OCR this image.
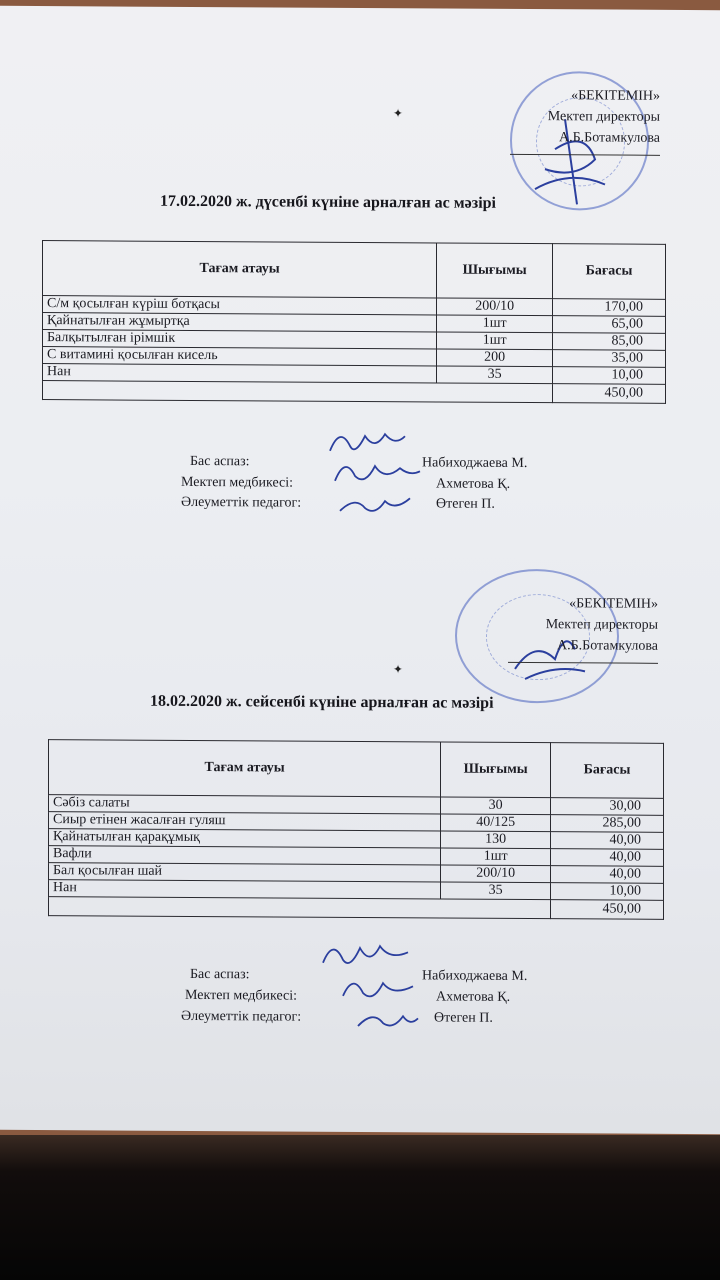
«БЕКІТЕМІН»
Мектеп директоры
А.Б.Ботамкулова
✦
17.02.2020 ж. дүсенбі күніне арналған ас мәзірі
Тағам атауы	Шығымы	Бағасы
С/м қосылған күріш ботқасы	200/10	170,00
Қайнатылған жұмыртқа	1шт	65,00
Балқытылған ірімшік	1шт	85,00
С витамині қосылған кисель	200	35,00
Нан	35	10,00
		450,00
Бас аспаз:	Набиходжаева М.
Мектеп медбикесі:	Ахметова Қ.
Әлеуметтік педагог:	Өтеген П.
«БЕКІТЕМІН»
Мектеп директоры
А.Б.Ботамкулова
✦
18.02.2020 ж. сейсенбі күніне арналған ас мәзірі
Тағам атауы	Шығымы	Бағасы
Сәбіз салаты	30	30,00
Сиыр етінен жасалған гуляш	40/125	285,00
Қайнатылған қарақұмық	130	40,00
Вафли	1шт	40,00
Бал қосылған шай	200/10	40,00
Нан	35	10,00
		450,00
Бас аспаз:	Набиходжаева М.
Мектеп медбикесі:	Ахметова Қ.
Әлеуметтік педагог:	Өтеген П.
